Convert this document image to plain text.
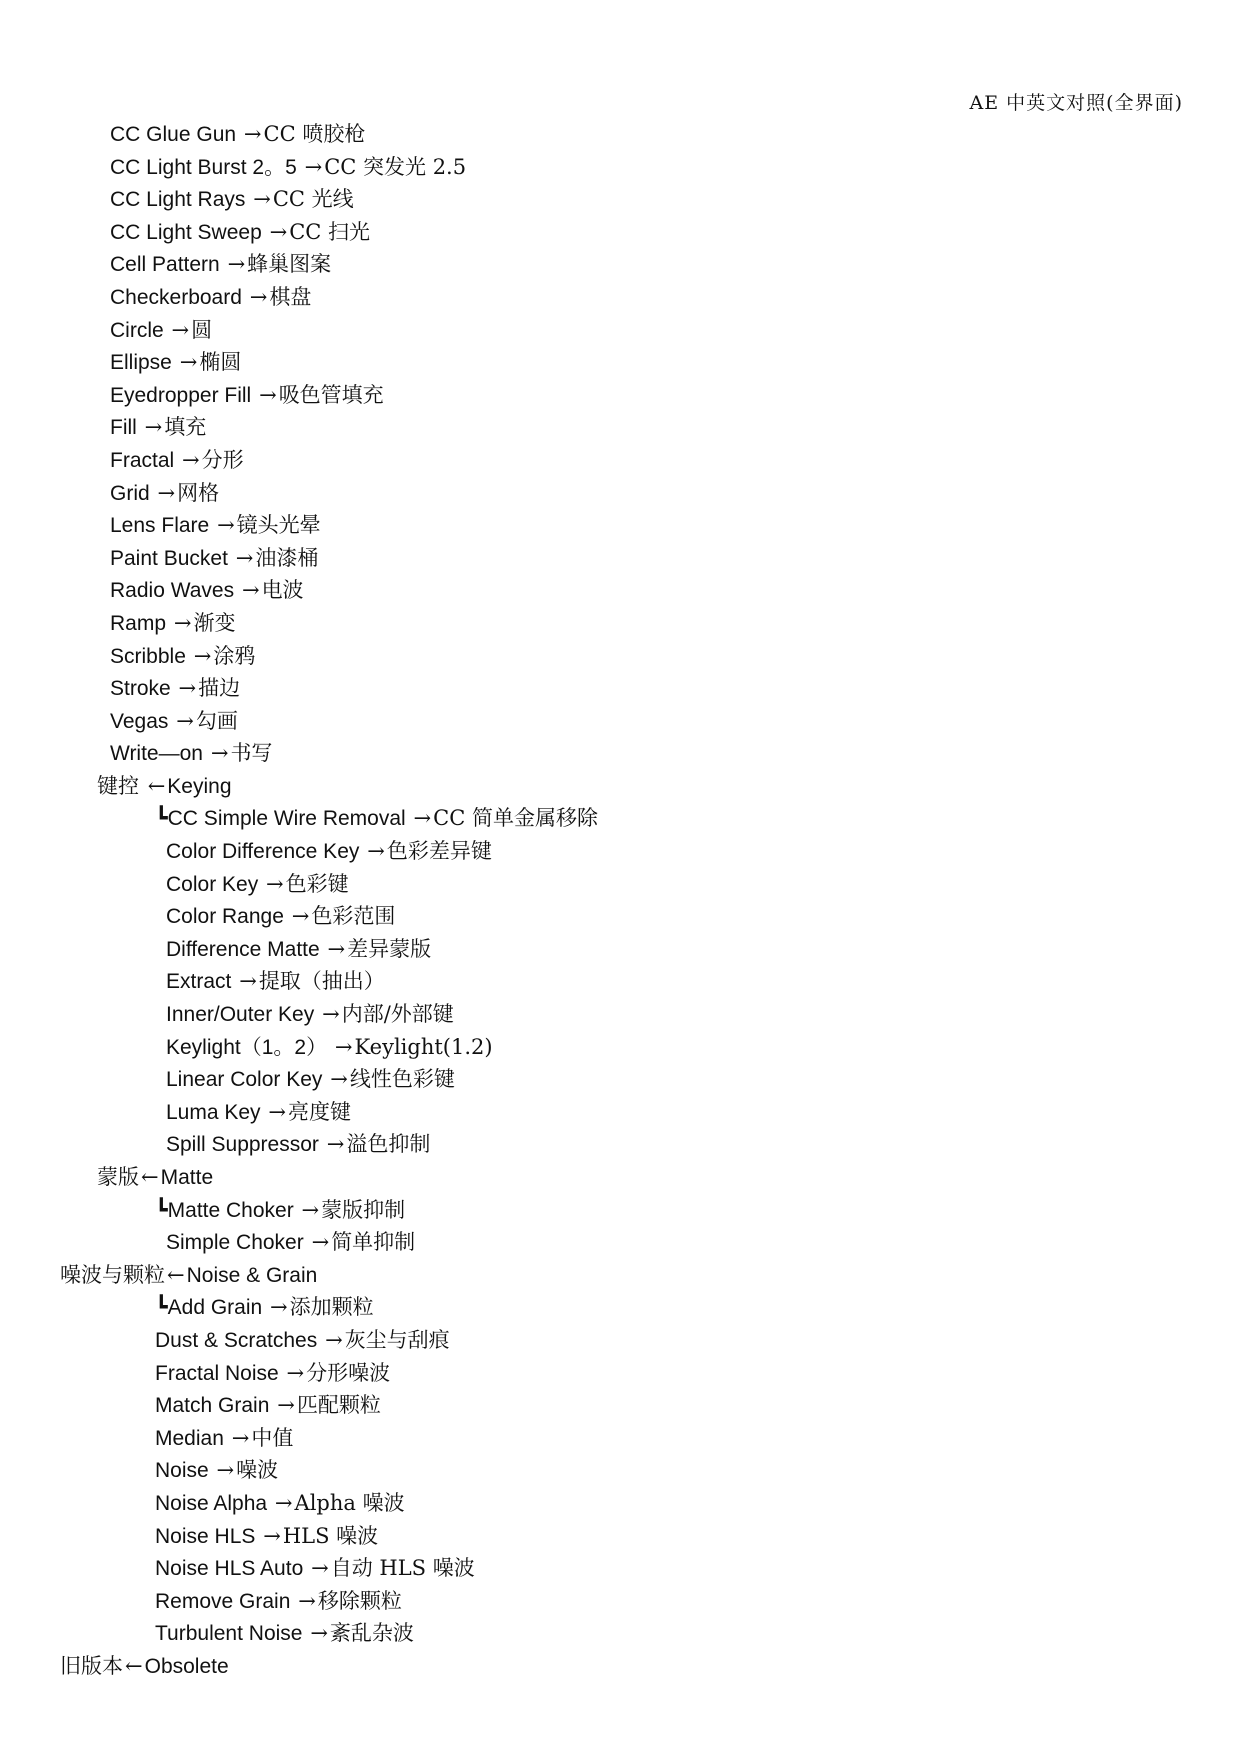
AE 中英文对照(全界面)
CC Glue Gun →CC 喷胶枪
CC Light Burst 2。5 →CC 突发光 2.5
CC Light Rays →CC 光线
CC Light Sweep →CC 扫光
Cell Pattern →蜂巢图案
Checkerboard →棋盘
Circle →圆
Ellipse →椭圆
Eyedropper Fill →吸色管填充
Fill →填充
Fractal →分形
Grid →网格
Lens Flare →镜头光晕
Paint Bucket →油漆桶
Radio Waves →电波
Ramp →渐变
Scribble →涂鸦
Stroke →描边
Vegas →勾画
Write—on →书写
键控 ←Keying
┗CC Simple Wire Removal →CC 简单金属移除
Color Difference Key →色彩差异键
Color Key →色彩键
Color Range →色彩范围
Difference Matte →差异蒙版
Extract →提取（抽出）
Inner/Outer Key →内部/外部键
Keylight（1。2） →Keylight(1.2)
Linear Color Key →线性色彩键
Luma Key →亮度键
Spill Suppressor →溢色抑制
蒙版←Matte
┗Matte Choker →蒙版抑制
Simple Choker →简单抑制
噪波与颗粒←Noise & Grain
┗Add Grain →添加颗粒
Dust & Scratches →灰尘与刮痕
Fractal Noise →分形噪波
Match Grain →匹配颗粒
Median →中值
Noise →噪波
Noise Alpha →Alpha 噪波
Noise HLS →HLS 噪波
Noise HLS Auto →自动 HLS 噪波
Remove Grain →移除颗粒
Turbulent Noise →紊乱杂波
旧版本←Obsolete
